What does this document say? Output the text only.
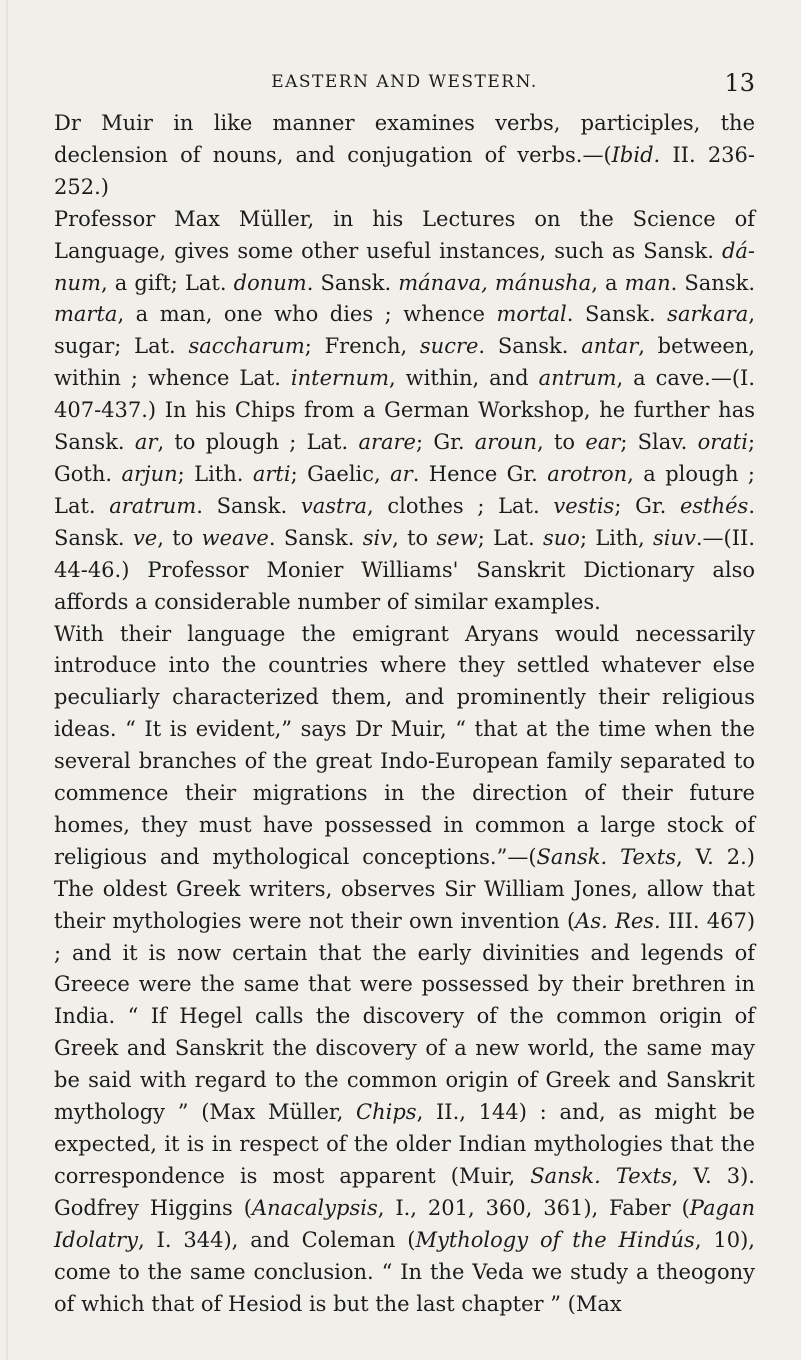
EASTERN AND WESTERN.	13

Dr Muir in like manner examines verbs, participles, the declension of nouns, and conjugation of verbs.—(Ibid. II. 236-252.)

Professor Max Müller, in his Lectures on the Science of Language, gives some other useful instances, such as Sansk. dá-num, a gift; Lat. donum. Sansk. mánava, mánusha, a man. Sansk. marta, a man, one who dies ; whence mortal. Sansk. sarkara, sugar; Lat. saccharum; French, sucre. Sansk. antar, between, within ; whence Lat. internum, within, and antrum, a cave.—(I. 407-437.) In his Chips from a German Workshop, he further has Sansk. ar, to plough ; Lat. arare; Gr. aroun, to ear; Slav. orati; Goth. arjun; Lith. arti; Gaelic, ar. Hence Gr. arotron, a plough ; Lat. aratrum. Sansk. vastra, clothes ; Lat. vestis; Gr. esthés. Sansk. ve, to weave. Sansk. siv, to sew; Lat. suo; Lith, siuv.—(II. 44-46.) Professor Monier Williams' Sanskrit Dictionary also affords a considerable number of similar examples.

With their language the emigrant Aryans would necessarily introduce into the countries where they settled whatever else peculiarly characterized them, and prominently their religious ideas. “ It is evident,” says Dr Muir, “ that at the time when the several branches of the great Indo-European family separated to commence their migrations in the direction of their future homes, they must have possessed in common a large stock of religious and mythological conceptions.”—(Sansk. Texts, V. 2.) The oldest Greek writers, observes Sir William Jones, allow that their mythologies were not their own invention (As. Res. III. 467) ; and it is now certain that the early divinities and legends of Greece were the same that were possessed by their brethren in India. “ If Hegel calls the discovery of the common origin of Greek and Sanskrit the discovery of a new world, the same may be said with regard to the common origin of Greek and Sanskrit mythology ” (Max Müller, Chips, II., 144) : and, as might be expected, it is in respect of the older Indian mythologies that the correspondence is most apparent (Muir, Sansk. Texts, V. 3). Godfrey Higgins (Anacalypsis, I., 201, 360, 361), Faber (Pagan Idolatry, I. 344), and Coleman (Mythology of the Hindús, 10), come to the same conclusion. “ In the Veda we study a theogony of which that of Hesiod is but the last chapter ” (Max
